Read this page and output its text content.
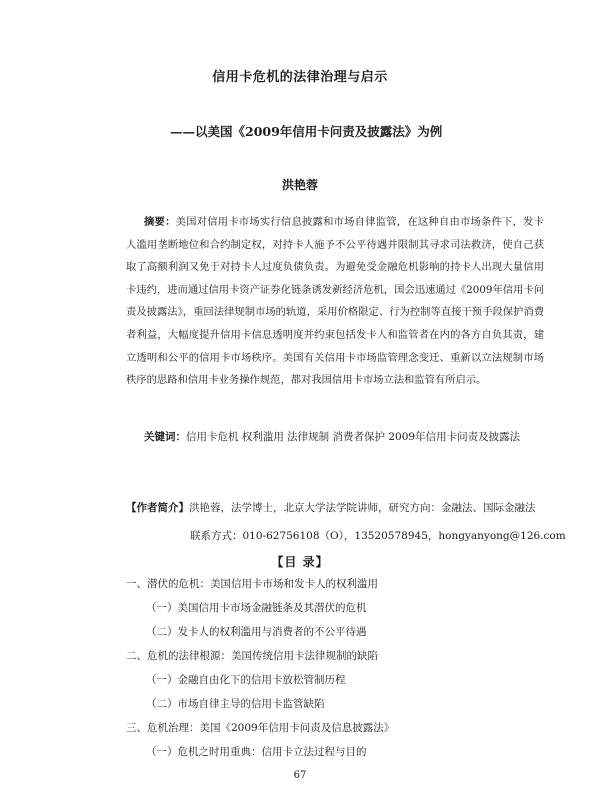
信用卡危机的法律治理与启示
——以美国《2009年信用卡问责及披露法》为例
洪艳蓉
摘要：美国对信用卡市场实行信息披露和市场自律监管，在这种自由市场条件下，发卡人滥用垄断地位和合约制定权，对持卡人施予不公平待遇并限制其寻求司法救济，使自己获取了高额利润又免于对持卡人过度负债负责。为避免受金融危机影响的持卡人出现大量信用卡违约，进而通过信用卡资产证券化链条诱发新经济危机，国会迅速通过《2009年信用卡问责及披露法》，重回法律规制市场的轨道，采用价格限定、行为控制等直接干预手段保护消费者利益，大幅度提升信用卡信息透明度并约束包括发卡人和监管者在内的各方自负其责，建立透明和公平的信用卡市场秩序。美国有关信用卡市场监管理念变迁、重新以立法规制市场秩序的思路和信用卡业务操作规范，都对我国信用卡市场立法和监管有所启示。
关键词：信用卡危机 权利滥用 法律规制 消费者保护 2009年信用卡问责及披露法
【作者简介】洪艳蓉，法学博士，北京大学法学院讲师，研究方向：金融法、国际金融法
联系方式：010-62756108（O），13520578945，hongyanyong@126.com
【目 录】
一、潜伏的危机：美国信用卡市场和发卡人的权利滥用
（一）美国信用卡市场金融链条及其潜伏的危机
（二）发卡人的权利滥用与消费者的不公平待遇
二、危机的法律根源：美国传统信用卡法律规制的缺陷
（一）金融自由化下的信用卡放松管制历程
（二）市场自律主导的信用卡监管缺陷
三、危机治理：美国《2009年信用卡问责及信息披露法》
（一）危机之时用重典：信用卡立法过程与目的
67
